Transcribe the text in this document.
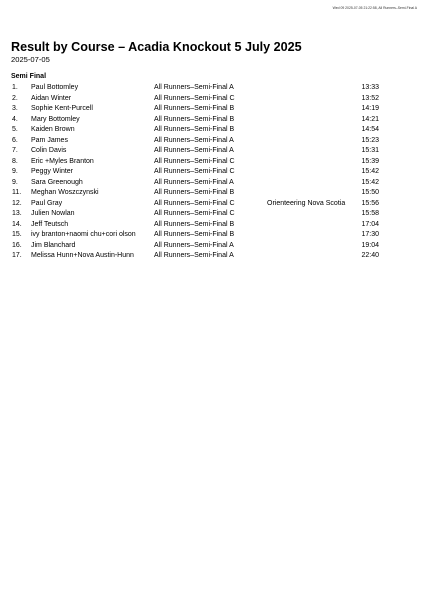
Wed 09 2025-07-05 21:22:58, All Runners–Semi-Final A
Result by Course – Acadia Knockout 5 July 2025
2025-07-05
Semi Final
1. Paul Bottomley	All Runners–Semi-Final A	13:33
2. Aidan Winter	All Runners–Semi-Final C	13:52
3. Sophie Kent-Purcell	All Runners–Semi-Final B	14:19
4. Mary Bottomley	All Runners–Semi-Final B	14:21
5. Kaiden Brown	All Runners–Semi-Final B	14:54
6. Pam James	All Runners–Semi-Final A	15:23
7. Colin Davis	All Runners–Semi-Final A	15:31
8. Eric +Myles Branton	All Runners–Semi-Final C	15:39
9. Peggy Winter	All Runners–Semi-Final C	15:42
9. Sara Greenough	All Runners–Semi-Final A	15:42
11. Meghan Woszczynski	All Runners–Semi-Final B	15:50
12. Paul Gray	All Runners–Semi-Final C	Orienteering Nova Scotia 15:56
13. Julien Nowlan	All Runners–Semi-Final C	15:58
14. Jeff Teutsch	All Runners–Semi-Final B	17:04
15. ivy branton+naomi chu+cori olson	All Runners–Semi-Final B	17:30
16. Jim Blanchard	All Runners–Semi-Final A	19:04
17. Melissa Hunn+Nova Austin-Hunn	All Runners–Semi-Final A	22:40
